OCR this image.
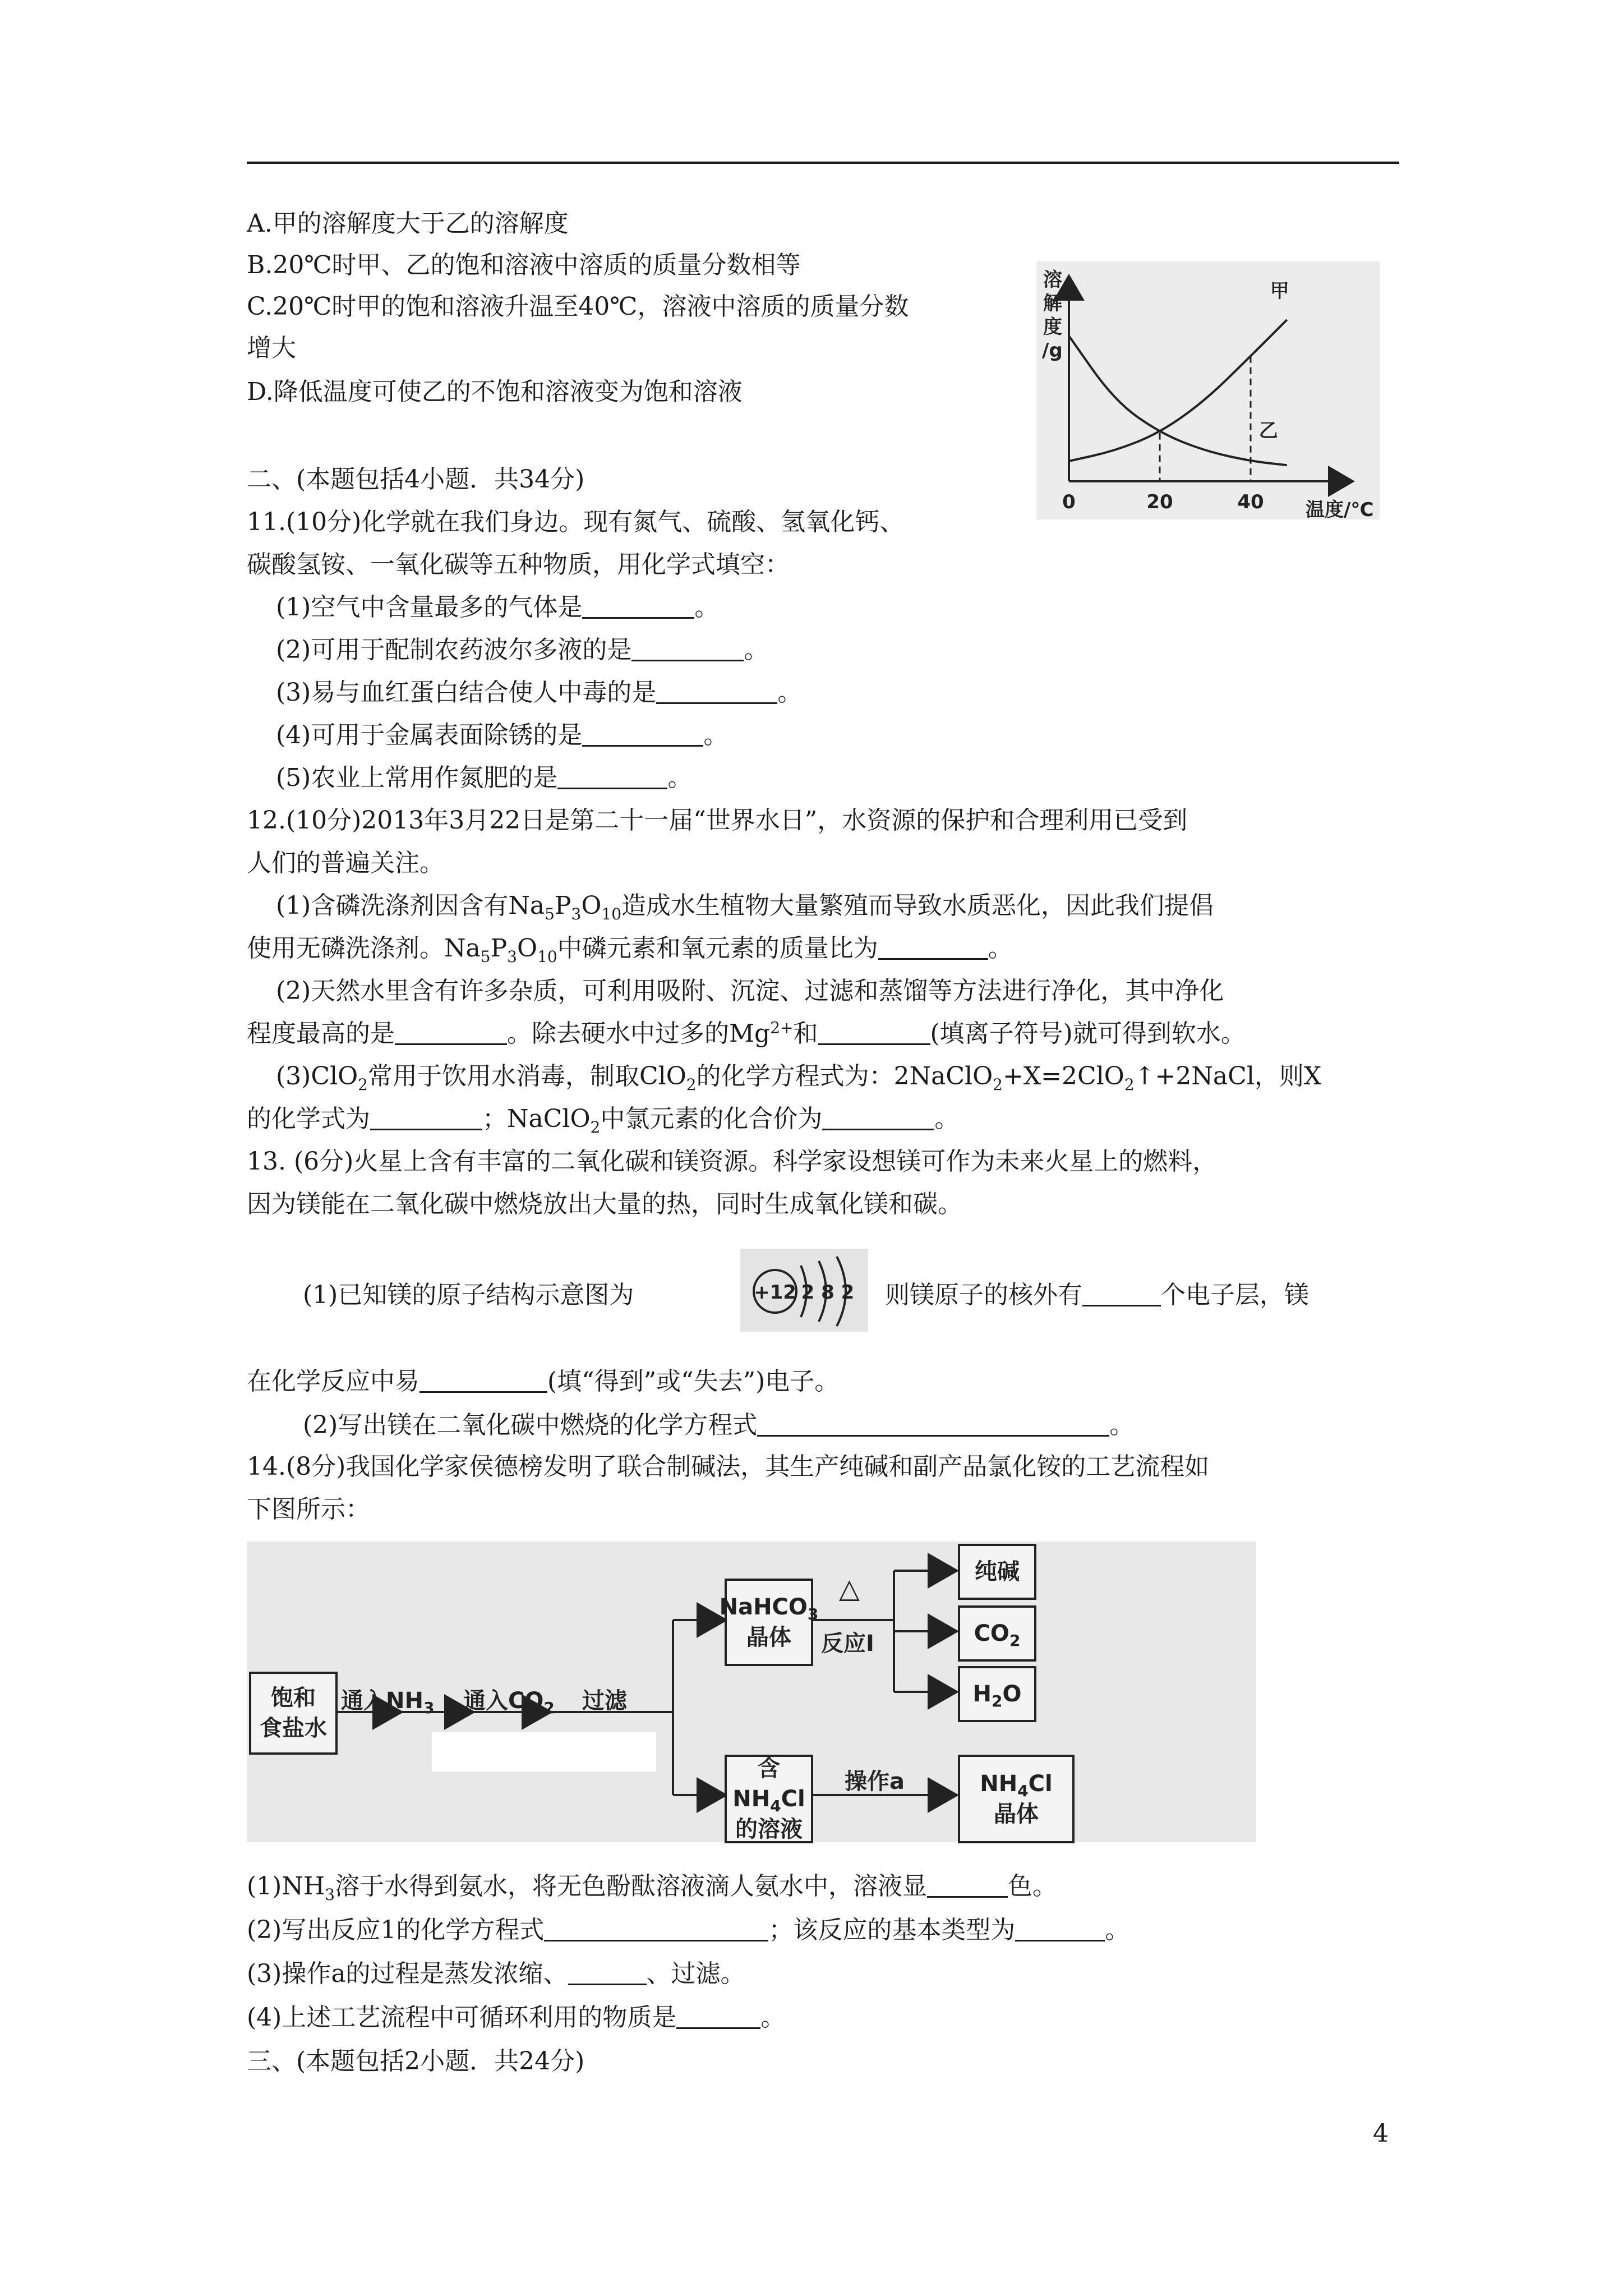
A.甲的溶解度大于乙的溶解度
B.20℃时甲、乙的饱和溶液中溶质的质量分数相等
C.20℃时甲的饱和溶液升温至40℃，溶液中溶质的质量分数
增大
D.降低温度可使乙的不饱和溶液变为饱和溶液
甲
乙
0	20	40
溶
解
度
/g
温度/℃
二、(本题包括4小题．共34分)
11.(10分)化学就在我们身边。现有氮气、硫酸、氢氧化钙、
碳酸氢铵、一氧化碳等五种物质，用化学式填空：
(1)空气中含量最多的气体是	。
(2)可用于配制农药波尔多液的是	。
(3)易与血红蛋白结合使人中毒的是	。
(4)可用于金属表面除锈的是	。
(5)农业上常用作氮肥的是	。
12.(10分)2013年3月22日是第二十一届“世界水日”，水资源的保护和合理利用已受到
人们的普遍关注。
(1)含磷洗涤剂因含有$Na_5P_3O_{10}$造成水生植物大量繁殖而导致水质恶化，因此我们提倡
使用无磷洗涤剂。$Na_5P_3O_{10}$中磷元素和氧元素的质量比为	。
(2)天然水里含有许多杂质，可利用吸附、沉淀、过滤和蒸馏等方法进行净化，其中净化
程度最高的是	。除去硬水中过多的$Mg^{2+}$和	(填离子符号)就可得到软水。
(3)ClO$_2$常用于饮用水消毒，制取ClO$_2$的化学方程式为：2NaClO$_2$+X=2ClO$_2$↑+2NaCl，则X
的化学式为	；NaClO$_2$中氯元素的化合价为	。
13. (6分)火星上含有丰富的二氧化碳和镁资源。科学家设想镁可作为未来火星上的燃料，
因为镁能在二氧化碳中燃烧放出大量的热，同时生成氧化镁和碳。
(1)已知镁的原子结构示意图为	+12 2 8 2 则镁原子的核外有	个电子层，镁
在化学反应中易	(填“得到”或“失去”)电子。
(2)写出镁在二氧化碳中燃烧的化学方程式	。
14.(8分)我国化学家侯德榜发明了联合制碱法，其生产纯碱和副产品氯化铵的工艺流程如
下图所示：
饱和
食盐水
通入$NH_3$ 通入$CO_2$ 过滤
NaHCO$_3$
晶体
△
反应Ⅰ
纯碱
$CO_2$
$H_2O$
含$NH_4Cl$
的溶液
操作a	$NH_4Cl$
晶体
$(1)NH_3$溶于水得到氨水，将无色酚酞溶液滴人氨水中，溶液显	色。
(2)写出反应1的化学方程式	；该反应的基本类型为	。
(3)操作a的过程是蒸发浓缩、	、过滤。
(4)上述工艺流程中可循环利用的物质是	。
三、(本题包括2小题．共24分)
4
